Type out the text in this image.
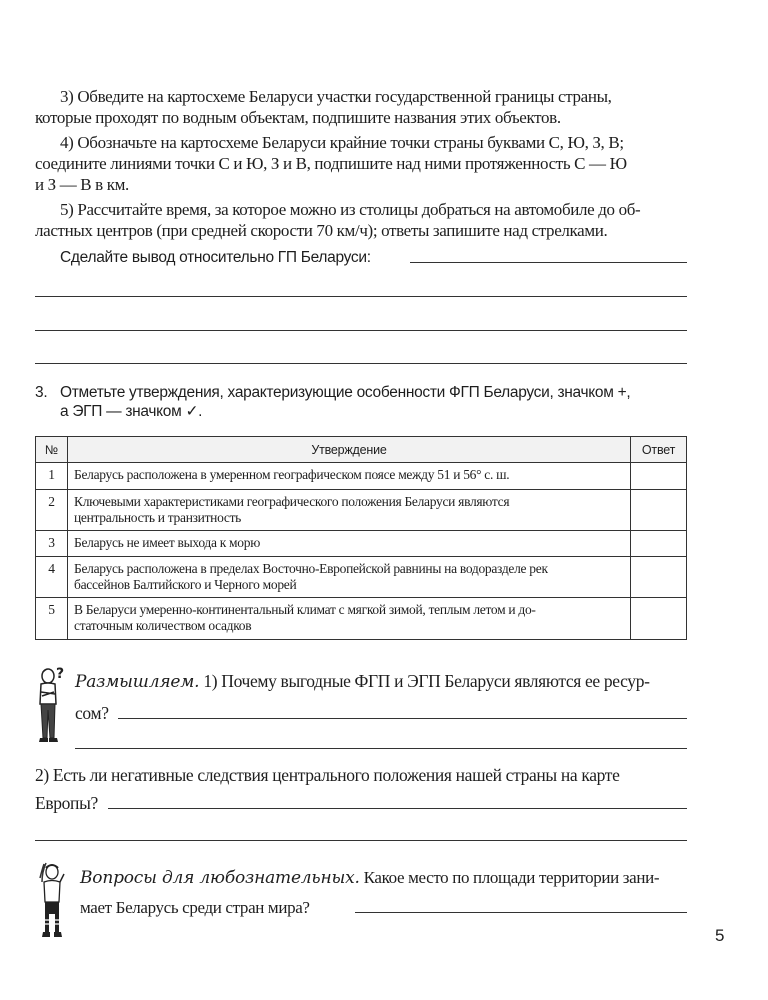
3) Обведите на картосхеме Беларуси участки государственной границы страны,
которые проходят по водным объектам, подпишите названия этих объектов.
4) Обозначьте на картосхеме Беларуси крайние точки страны буквами С, Ю, З, В;
соедините линиями точки С и Ю, З и В, подпишите над ними протяженность С — Ю
и З — В в км.
5) Рассчитайте время, за которое можно из столицы добраться на автомобиле до об-
ластных центров (при средней скорости 70 км/ч); ответы запишите над стрелками.
Сделайте вывод относительно ГП Беларуси:
3. Отметьте утверждения, характеризующие особенности ФГП Беларуси, значком +,
а ЭГП — значком ✓.
№	Утверждение	Ответ
1	Беларусь расположена в умеренном географическом поясе между 51 и 56° с. ш.	
2	Ключевыми характеристиками географического положения Беларуси являются
центральность и транзитность	
3	Беларусь не имеет выхода к морю	
4	Беларусь расположена в пределах Восточно-Европейской равнины на водоразделе рек
бассейнов Балтийского и Черного морей	
5	В Беларуси умеренно-континентальный климат с мягкой зимой, теплым летом и до-
статочным количеством осадков	
? Размышляем. 1) Почему выгодные ФГП и ЭГП Беларуси являются ее ресур-
сом?
2) Есть ли негативные следствия центрального положения нашей страны на карте
Европы?
Вопросы для любознательных. Какое место по площади территории зани-
мает Беларусь среди стран мира?
5
